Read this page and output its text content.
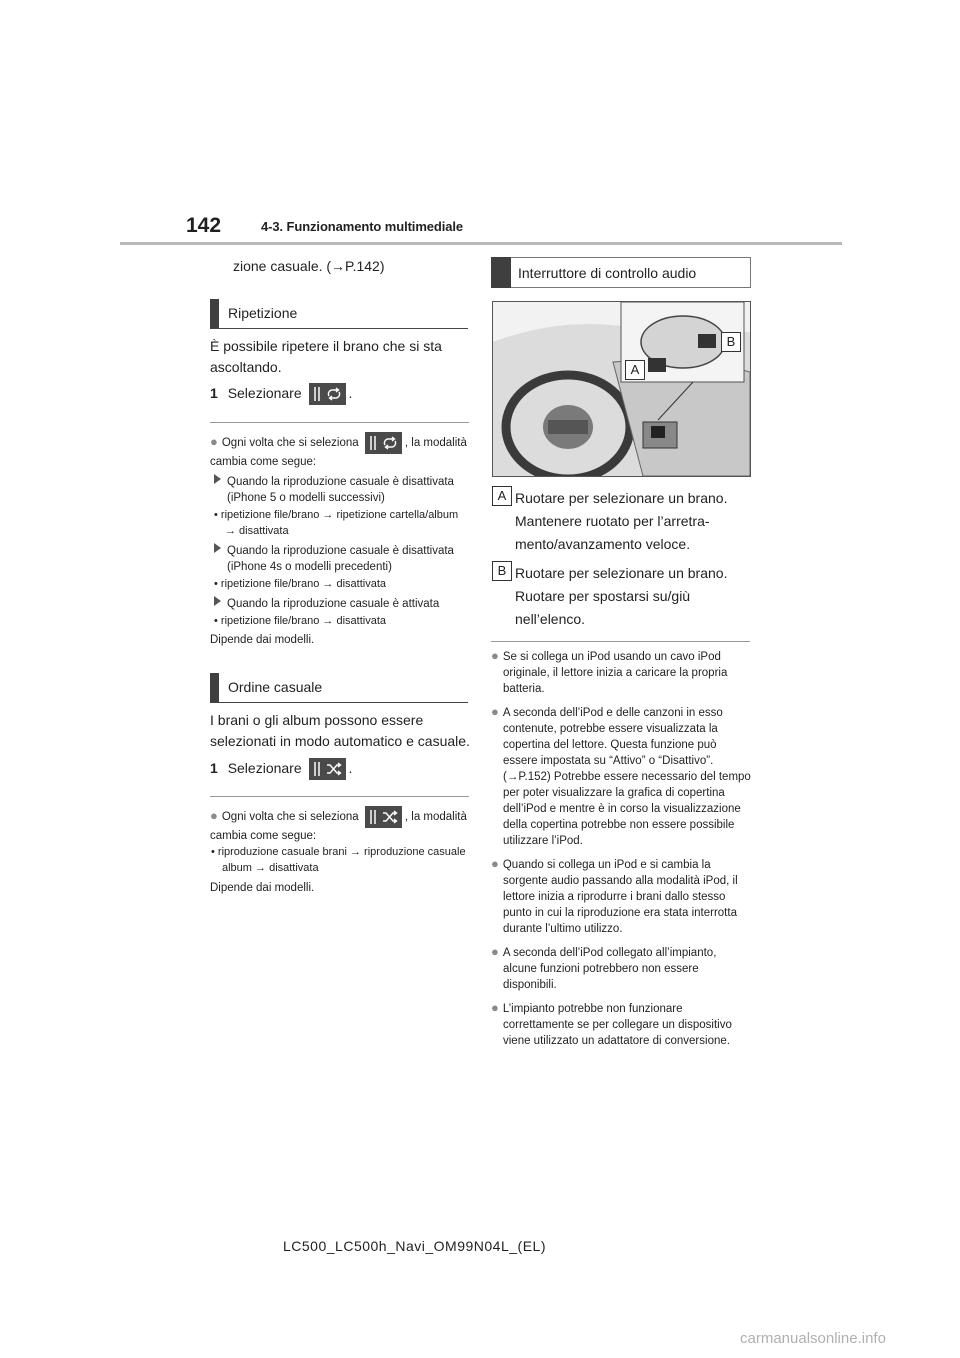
142	4-3. Funzionamento multimediale
zione casuale. (→P.142)
Ripetizione
È possibile ripetere il brano che si sta ascoltando.
1 Selezionare	.
● Ogni volta che si seleziona	, la modalità cambia come segue:
Quando la riproduzione casuale è disattivata (iPhone 5 o modelli successivi)
• ripetizione file/brano → ripetizione cartella/album → disattivata
Quando la riproduzione casuale è disattivata (iPhone 4s o modelli precedenti)
• ripetizione file/brano → disattivata
Quando la riproduzione casuale è attivata
• ripetizione file/brano → disattivata
Dipende dai modelli.
Ordine casuale
I brani o gli album possono essere selezionati in modo automatico e casuale.
1 Selezionare	.
● Ogni volta che si seleziona	, la modalità cambia come segue:
• riproduzione casuale brani → riproduzione casuale album → disattivata
Dipende dai modelli.
Interruttore di controllo audio
A
B
A Ruotare per selezionare un brano.
Mantenere ruotato per l’arretra-
mento/avanzamento veloce.
B Ruotare per selezionare un brano.
Ruotare per spostarsi su/giù
nell’elenco.
● Se si collega un iPod usando un cavo iPod originale, il lettore inizia a caricare la propria batteria.
● A seconda dell’iPod e delle canzoni in esso contenute, potrebbe essere visualizzata la copertina del lettore. Questa funzione può essere impostata su “Attivo” o “Disattivo”. (→P.152) Potrebbe essere necessario del tempo per poter visualizzare la grafica di copertina dell’iPod e mentre è in corso la visualizzazione della copertina potrebbe non essere possibile utilizzare l’iPod.
● Quando si collega un iPod e si cambia la sorgente audio passando alla modalità iPod, il lettore inizia a riprodurre i brani dallo stesso punto in cui la riproduzione era stata interrotta durante l’ultimo utilizzo.
● A seconda dell’iPod collegato all’impianto, alcune funzioni potrebbero non essere disponibili.
● L’impianto potrebbe non funzionare correttamente se per collegare un dispositivo viene utilizzato un adattatore di conversione.
LC500_LC500h_Navi_OM99N04L_(EL)
carmanualsonline.info
